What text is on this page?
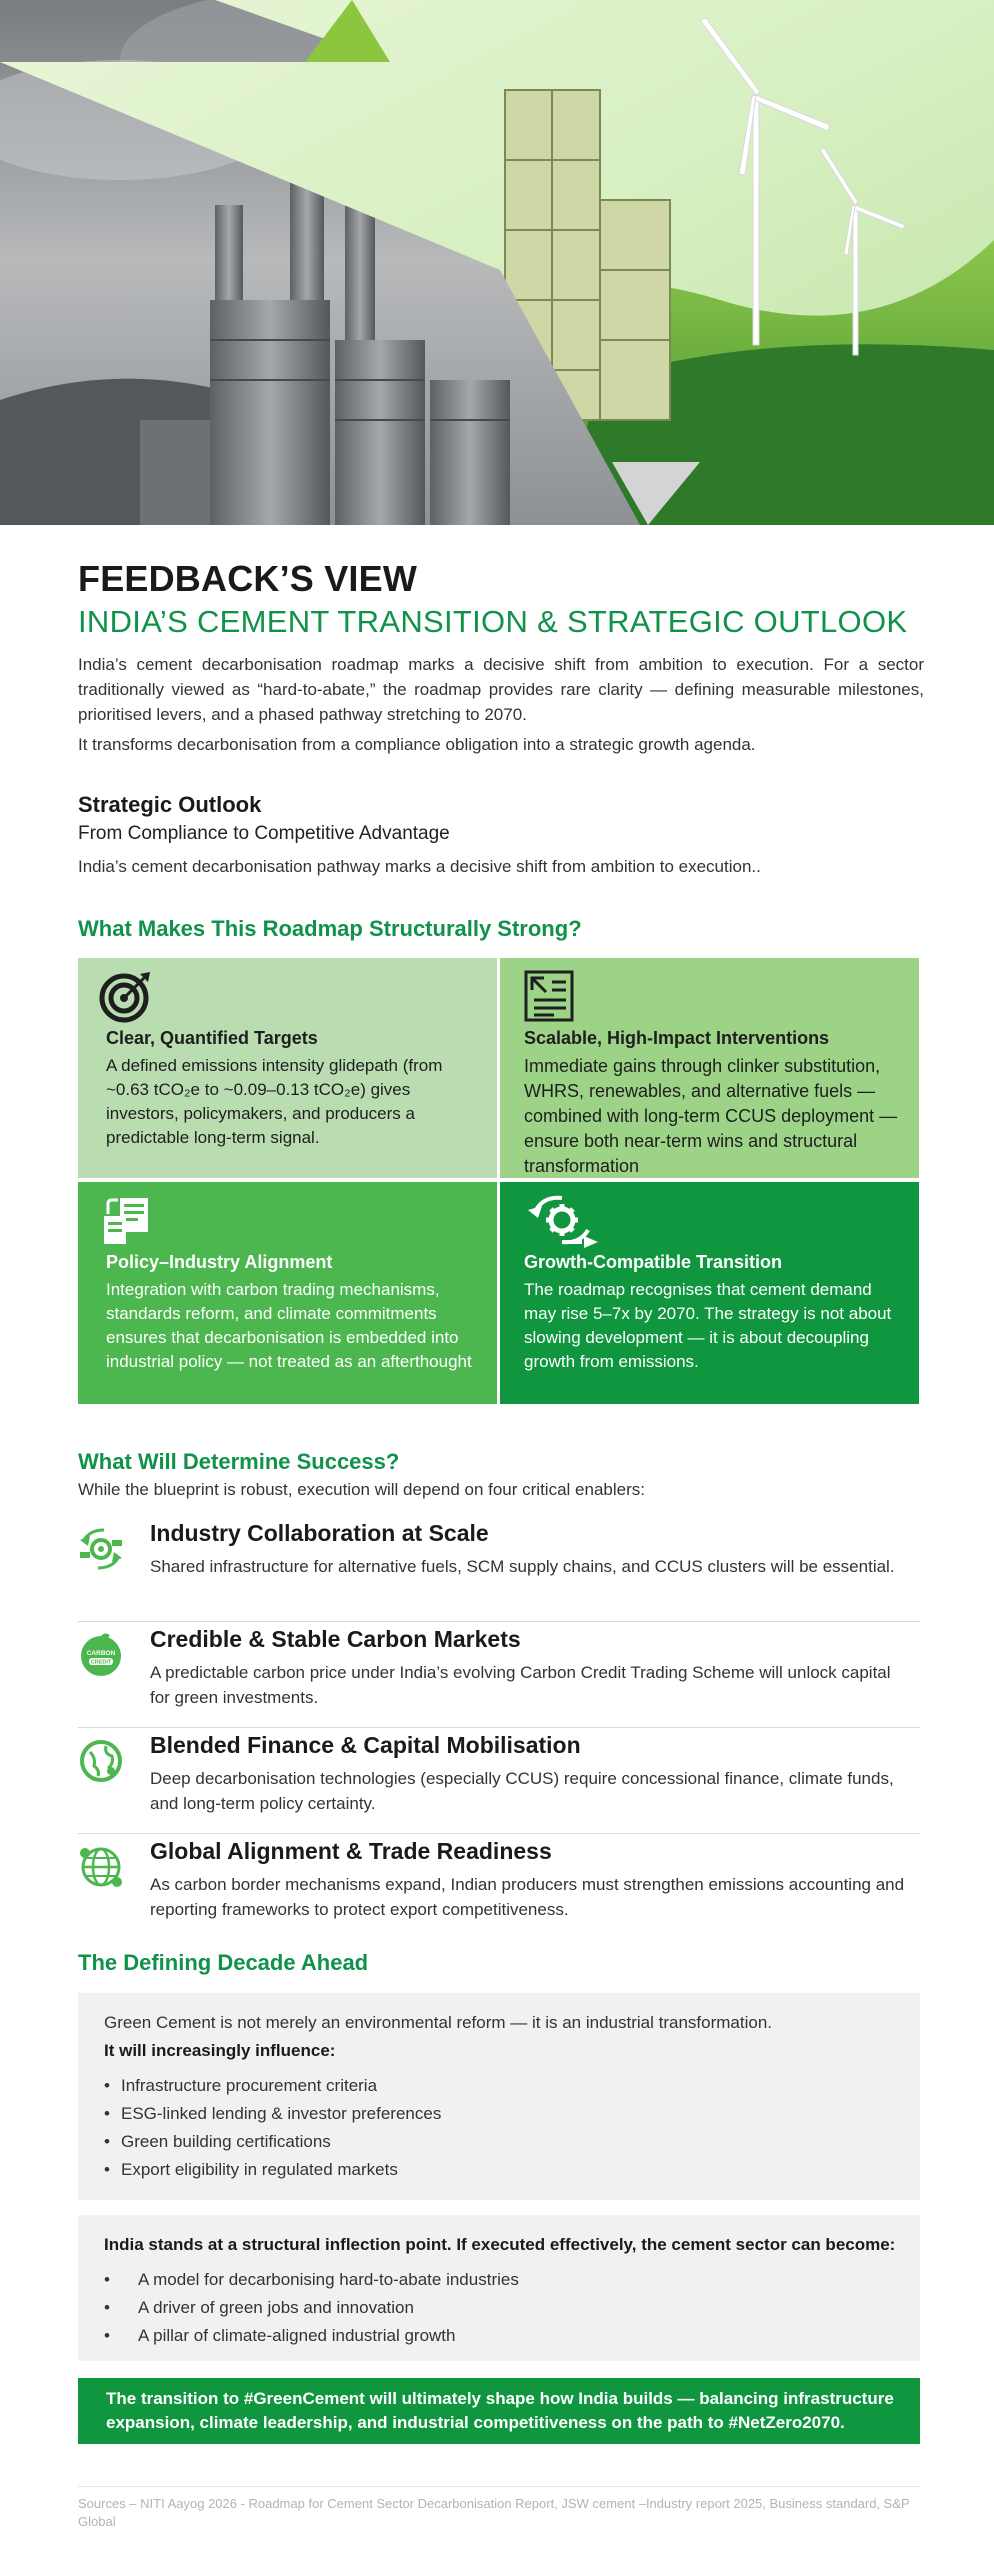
FEEDBACK’S VIEW
INDIA’S CEMENT TRANSITION & STRATEGIC OUTLOOK

India’s cement decarbonisation roadmap marks a decisive shift from ambition to execution. For a sector traditionally viewed as “hard-to-abate,” the roadmap provides rare clarity — defining measurable milestones, prioritised levers, and a phased pathway stretching to 2070.

It transforms decarbonisation from a compliance obligation into a strategic growth agenda.

Strategic Outlook
From Compliance to Competitive Advantage
India’s cement decarbonisation pathway marks a decisive shift from ambition to execution..
What Makes This Roadmap Structurally Strong?
Clear, Quantified Targets
A defined emissions intensity glidepath (from ~0.63 tCO₂e to ~0.09–0.13 tCO₂e) gives investors, policymakers, and producers a predictable long-term signal.
Scalable, High-Impact Interventions
Immediate gains through clinker substitution, WHRS, renewables, and alternative fuels — combined with long-term CCUS deployment — ensure both near-term wins and structural transformation
Policy–Industry Alignment
Integration with carbon trading mechanisms, standards reform, and climate commitments ensures that decarbonisation is embedded into industrial policy — not treated as an afterthought
Growth-Compatible Transition
The roadmap recognises that cement demand may rise 5–7x by 2070. The strategy is not about slowing development — it is about decoupling growth from emissions.
What Will Determine Success?
While the blueprint is robust, execution will depend on four critical enablers:
Industry Collaboration at Scale
Shared infrastructure for alternative fuels, SCM supply chains, and CCUS clusters will be essential.
CARBON
CREDIT
Credible & Stable Carbon Markets
A predictable carbon price under India’s evolving Carbon Credit Trading Scheme will unlock capital for green investments.
Blended Finance & Capital Mobilisation
Deep decarbonisation technologies (especially CCUS) require concessional finance, climate funds, and long-term policy certainty.
Global Alignment & Trade Readiness
As carbon border mechanisms expand, Indian producers must strengthen emissions accounting and reporting frameworks to protect export competitiveness.
The Defining Decade Ahead
Green Cement is not merely an environmental reform — it is an industrial transformation.
It will increasingly influence:
• Infrastructure procurement criteria
• ESG-linked lending & investor preferences
• Green building certifications
• Export eligibility in regulated markets
India stands at a structural inflection point. If executed effectively, the cement sector can become:
• A model for decarbonising hard-to-abate industries
• A driver of green jobs and innovation
• A pillar of climate-aligned industrial growth

The transition to #GreenCement will ultimately shape how India builds — balancing infrastructure expansion, climate leadership, and industrial competitiveness on the path to #NetZero2070.

Sources – NITI Aayog 2026 - Roadmap for Cement Sector Decarbonisation Report, JSW cement –Industry report 2025, Business standard, S&P Global
